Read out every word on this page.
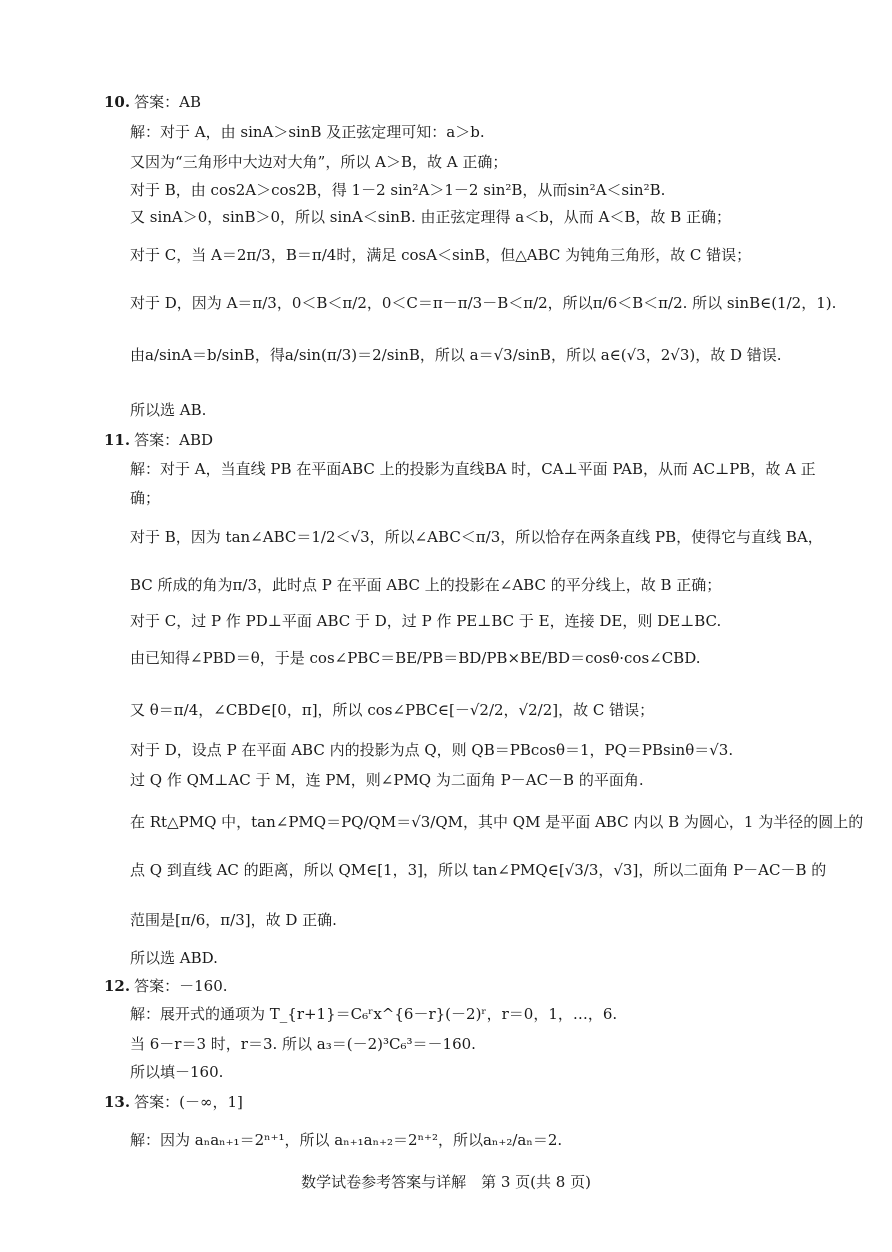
10. 答案：AB
解：对于 A，由 sinA＞sinB 及正弦定理可知：a＞b.
又因为“三角形中大边对大角”，所以 A＞B，故 A 正确；
对于 B，由 cos2A＞cos2B，得 1－2 sin²A＞1－2 sin²B，从而sin²A＜sin²B.
又 sinA＞0，sinB＞0，所以 sinA＜sinB. 由正弦定理得 a＜b，从而 A＜B，故 B 正确；
对于 C，当 A＝2π/3，B＝π/4时，满足 cosA＜sinB，但△ABC 为钝角三角形，故 C 错误；
对于 D，因为 A＝π/3，0＜B＜π/2，0＜C＝π－π/3－B＜π/2，所以π/6＜B＜π/2. 所以 sinB∈(1/2，1).
由a/sinA＝b/sinB，得a/sin(π/3)＝2/sinB，所以 a＝√3/sinB，所以 a∈(√3，2√3)，故 D 错误.
所以选 AB.
11. 答案：ABD
解：对于 A，当直线 PB 在平面ABC 上的投影为直线BA 时，CA⊥平面 PAB，从而 AC⊥PB，故 A 正
确；
对于 B，因为 tan∠ABC＝1/2＜√3，所以∠ABC＜π/3，所以恰存在两条直线 PB，使得它与直线 BA，
BC 所成的角为π/3，此时点 P 在平面 ABC 上的投影在∠ABC 的平分线上，故 B 正确；
对于 C，过 P 作 PD⊥平面 ABC 于 D，过 P 作 PE⊥BC 于 E，连接 DE，则 DE⊥BC.
由已知得∠PBD＝θ，于是 cos∠PBC＝BE/PB＝BD/PB×BE/BD＝cosθ·cos∠CBD.
又 θ＝π/4，∠CBD∈[0，π]，所以 cos∠PBC∈[－√2/2，√2/2]，故 C 错误；
对于 D，设点 P 在平面 ABC 内的投影为点 Q，则 QB＝PBcosθ＝1，PQ＝PBsinθ＝√3.
过 Q 作 QM⊥AC 于 M，连 PM，则∠PMQ 为二面角 P－AC－B 的平面角.
在 Rt△PMQ 中，tan∠PMQ＝PQ/QM＝√3/QM，其中 QM 是平面 ABC 内以 B 为圆心，1 为半径的圆上的
点 Q 到直线 AC 的距离，所以 QM∈[1，3]，所以 tan∠PMQ∈[√3/3，√3]，所以二面角 P－AC－B 的
范围是[π/6，π/3]，故 D 正确.
所以选 ABD.
12. 答案：－160.
解：展开式的通项为 T_{r+1}＝C₆ʳx^{6－r}(－2)ʳ，r＝0，1，…，6.
当 6－r＝3 时，r＝3. 所以 a₃＝(－2)³C₆³＝－160.
所以填－160.
13. 答案：(－∞，1]
解：因为 aₙaₙ₊₁＝2ⁿ⁺¹，所以 aₙ₊₁aₙ₊₂＝2ⁿ⁺²，所以aₙ₊₂/aₙ＝2.
数学试卷参考答案与详解　第 3 页(共 8 页)
